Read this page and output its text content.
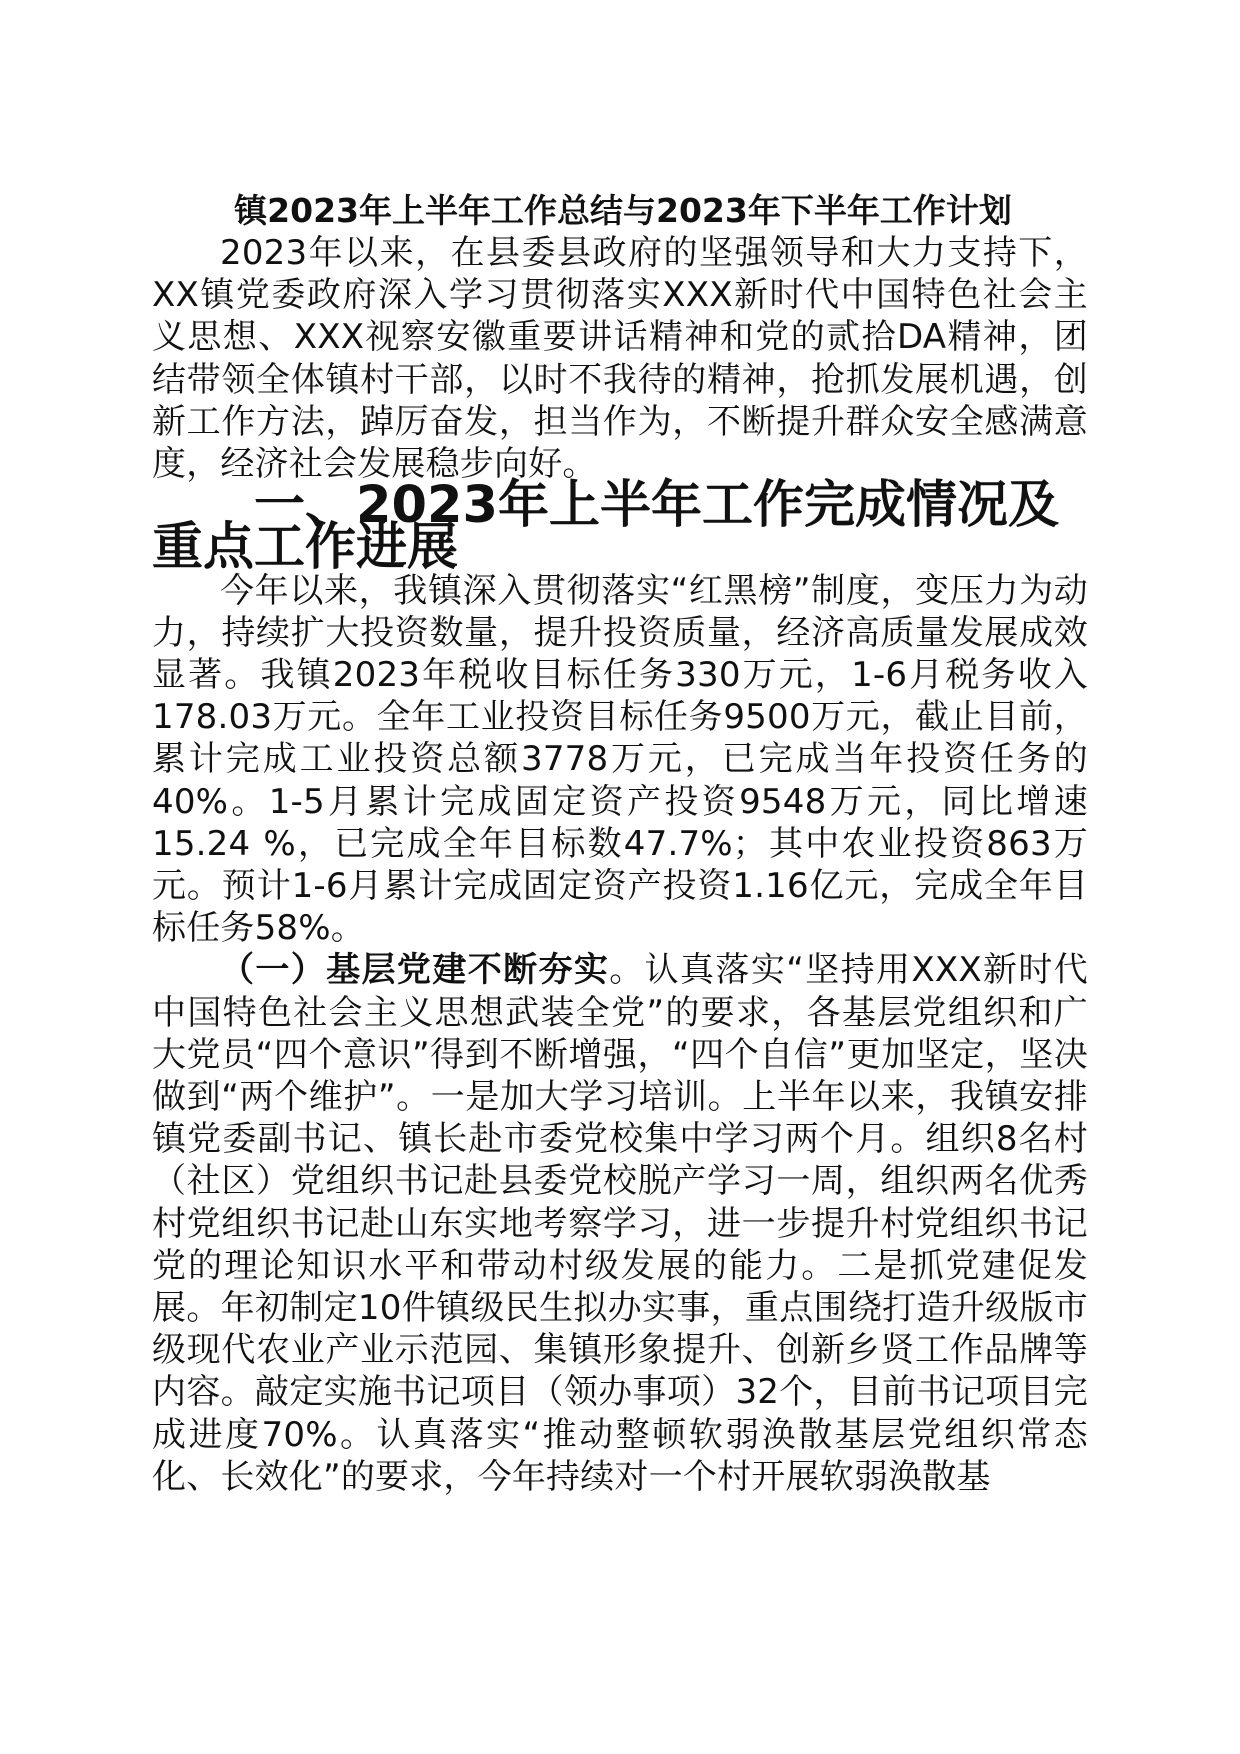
镇2023年上半年工作总结与2023年下半年工作计划

2023年以来，在县委县政府的坚强领导和大力支持下，XX镇党委政府深入学习贯彻落实XXX新时代中国特色社会主义思想、XXX视察安徽重要讲话精神和党的贰拾DA精神，团结带领全体镇村干部，以时不我待的精神，抢抓发展机遇，创新工作方法，踔厉奋发，担当作为，不断提升群众安全感满意度，经济社会发展稳步向好。

一、2023年上半年工作完成情况及重点工作进展

今年以来，我镇深入贯彻落实“红黑榜”制度，变压力为动力，持续扩大投资数量，提升投资质量，经济高质量发展成效显著。我镇2023年税收目标任务330万元，1-6月税务收入178.03万元。全年工业投资目标任务9500万元，截止目前，累计完成工业投资总额3778万元，已完成当年投资任务的40%。1-5月累计完成固定资产投资9548万元，同比增速15.24 %，已完成全年目标数47.7%；其中农业投资863万元。预计1-6月累计完成固定资产投资1.16亿元，完成全年目标任务58%。

（一）基层党建不断夯实。认真落实“坚持用XXX新时代中国特色社会主义思想武装全党”的要求，各基层党组织和广大党员“四个意识”得到不断增强，“四个自信”更加坚定，坚决做到“两个维护”。一是加大学习培训。上半年以来，我镇安排镇党委副书记、镇长赴市委党校集中学习两个月。组织8名村（社区）党组织书记赴县委党校脱产学习一周，组织两名优秀村党组织书记赴山东实地考察学习，进一步提升村党组织书记党的理论知识水平和带动村级发展的能力。二是抓党建促发展。年初制定10件镇级民生拟办实事，重点围绕打造升级版市级现代农业产业示范园、集镇形象提升、创新乡贤工作品牌等内容。敲定实施书记项目（领办事项）32个，目前书记项目完成进度70%。认真落实“推动整顿软弱涣散基层党组织常态化、长效化”的要求，今年持续对一个村开展软弱涣散基
